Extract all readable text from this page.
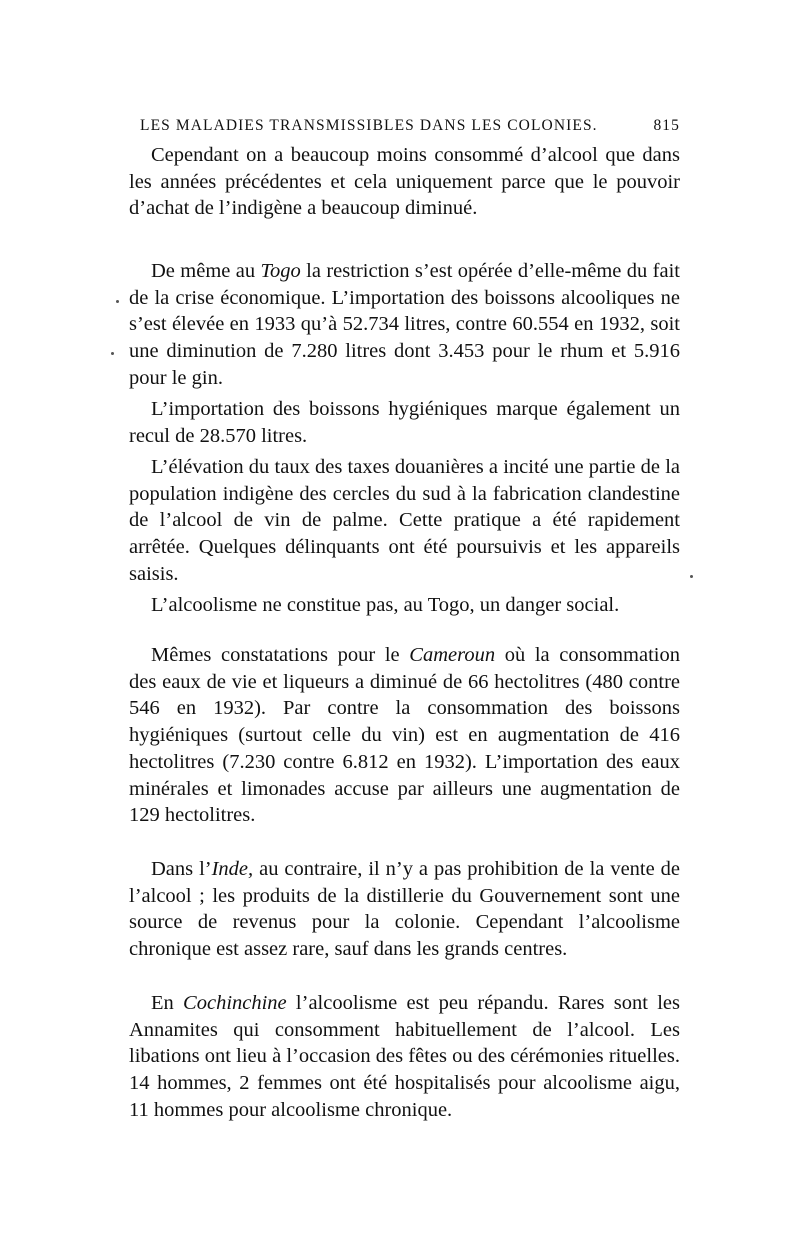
LES MALADIES TRANSMISSIBLES DANS LES COLONIES.	815

Cependant on a beaucoup moins consommé d’alcool que dans les années précédentes et cela uniquement parce que le pouvoir d’achat de l’indigène a beaucoup diminué.

De même au Togo la restriction s’est opérée d’elle-même du fait de la crise économique. L’importation des boissons alcooliques ne s’est élevée en 1933 qu’à 52.734 litres, contre 60.554 en 1932, soit une diminution de 7.280 litres dont 3.453 pour le rhum et 5.916 pour le gin.

L’importation des boissons hygiéniques marque également un recul de 28.570 litres.

L’élévation du taux des taxes douanières a incité une partie de la population indigène des cercles du sud à la fabrication clandestine de l’alcool de vin de palme. Cette pratique a été rapidement arrêtée. Quelques délinquants ont été poursuivis et les appareils saisis.

L’alcoolisme ne constitue pas, au Togo, un danger social.

Mêmes constatations pour le Cameroun où la consommation des eaux de vie et liqueurs a diminué de 66 hectolitres (480 contre 546 en 1932). Par contre la consommation des boissons hygiéniques (surtout celle du vin) est en augmentation de 416 hectolitres (7.230 contre 6.812 en 1932). L’importation des eaux minérales et limonades accuse par ailleurs une augmentation de 129 hectolitres.

Dans l’Inde, au contraire, il n’y a pas prohibition de la vente de l’alcool ; les produits de la distillerie du Gouvernement sont une source de revenus pour la colonie. Cependant l’alcoolisme chronique est assez rare, sauf dans les grands centres.

En Cochinchine l’alcoolisme est peu répandu. Rares sont les Annamites qui consomment habituellement de l’alcool. Les libations ont lieu à l’occasion des fêtes ou des cérémonies rituelles. 14 hommes, 2 femmes ont été hospitalisés pour alcoolisme aigu, 11 hommes pour alcoolisme chronique.
